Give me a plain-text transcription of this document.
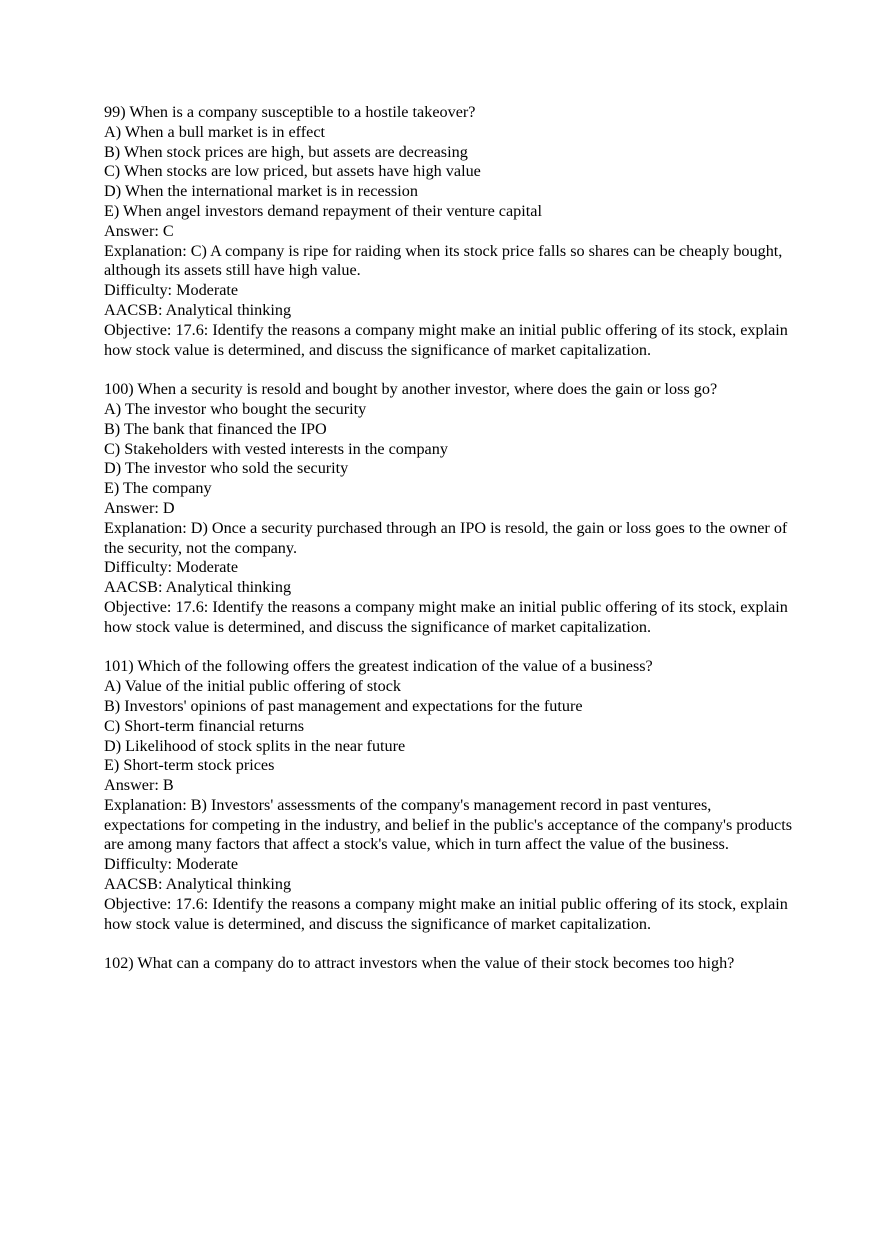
99) When is a company susceptible to a hostile takeover?
A) When a bull market is in effect
B) When stock prices are high, but assets are decreasing
C) When stocks are low priced, but assets have high value
D) When the international market is in recession
E) When angel investors demand repayment of their venture capital
Answer: C
Explanation: C) A company is ripe for raiding when its stock price falls so shares can be cheaply bought, although its assets still have high value.
Difficulty: Moderate
AACSB: Analytical thinking
Objective: 17.6: Identify the reasons a company might make an initial public offering of its stock, explain how stock value is determined, and discuss the significance of market capitalization.
100) When a security is resold and bought by another investor, where does the gain or loss go?
A) The investor who bought the security
B) The bank that financed the IPO
C) Stakeholders with vested interests in the company
D) The investor who sold the security
E) The company
Answer: D
Explanation: D) Once a security purchased through an IPO is resold, the gain or loss goes to the owner of the security, not the company.
Difficulty: Moderate
AACSB: Analytical thinking
Objective: 17.6: Identify the reasons a company might make an initial public offering of its stock, explain how stock value is determined, and discuss the significance of market capitalization.
101) Which of the following offers the greatest indication of the value of a business?
A) Value of the initial public offering of stock
B) Investors' opinions of past management and expectations for the future
C) Short-term financial returns
D) Likelihood of stock splits in the near future
E) Short-term stock prices
Answer: B
Explanation: B) Investors' assessments of the company's management record in past ventures, expectations for competing in the industry, and belief in the public's acceptance of the company's products are among many factors that affect a stock's value, which in turn affect the value of the business.
Difficulty: Moderate
AACSB: Analytical thinking
Objective: 17.6: Identify the reasons a company might make an initial public offering of its stock, explain how stock value is determined, and discuss the significance of market capitalization.
102) What can a company do to attract investors when the value of their stock becomes too high?
